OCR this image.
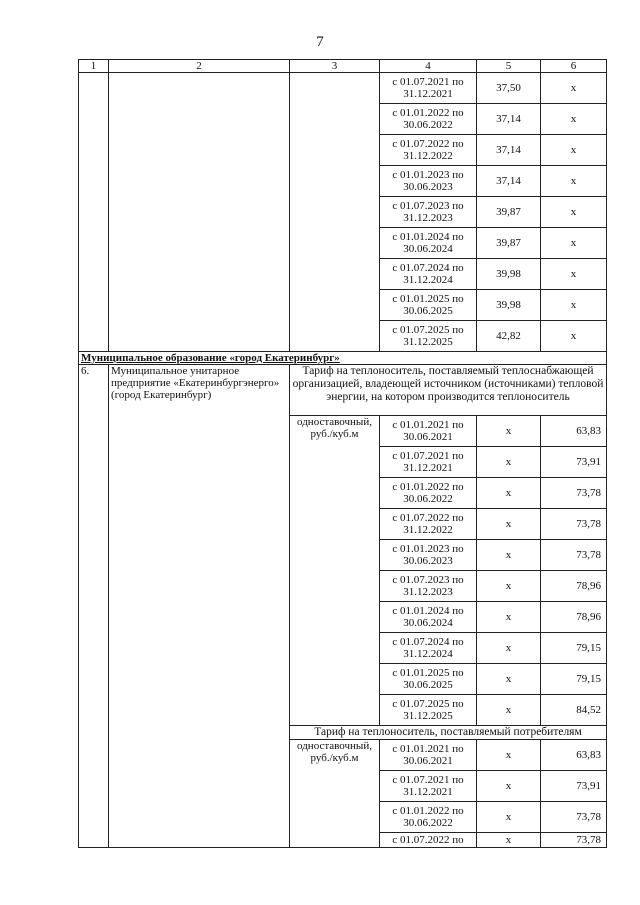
7
1	2	3	4	5	6
			с 01.07.2021 по 31.12.2021	37,50	х
			с 01.01.2022 по 30.06.2022	37,14	х
			с 01.07.2022 по 31.12.2022	37,14	х
			с 01.01.2023 по 30.06.2023	37,14	х
			с 01.07.2023 по 31.12.2023	39,87	х
			с 01.01.2024 по 30.06.2024	39,87	х
			с 01.07.2024 по 31.12.2024	39,98	х
			с 01.01.2025 по 30.06.2025	39,98	х
			с 01.07.2025 по 31.12.2025	42,82	х
Муниципальное образование «город Екатеринбург»					
6.	Муниципальное унитарное предприятие «Екатеринбургэнерго» (город Екатеринбург)	Тариф на теплоноситель, поставляемый теплоснабжающей организацией, владеющей источником (источниками) тепловой энергии, на котором производится теплоноситель			
		одноставочный, руб./куб.м	с 01.01.2021 по 30.06.2021	х	63,83
			с 01.07.2021 по 31.12.2021	х	73,91
			с 01.01.2022 по 30.06.2022	х	73,78
			с 01.07.2022 по 31.12.2022	х	73,78
			с 01.01.2023 по 30.06.2023	х	73,78
			с 01.07.2023 по 31.12.2023	х	78,96
			с 01.01.2024 по 30.06.2024	х	78,96
			с 01.07.2024 по 31.12.2024	х	79,15
			с 01.01.2025 по 30.06.2025	х	79,15
			с 01.07.2025 по 31.12.2025	х	84,52
		Тариф на теплоноситель, поставляемый потребителям			
		одноставочный, руб./куб.м	с 01.01.2021 по 30.06.2021	х	63,83
			с 01.07.2021 по 31.12.2021	х	73,91
			с 01.01.2022 по 30.06.2022	х	73,78
			с 01.07.2022 по	х	73,78
